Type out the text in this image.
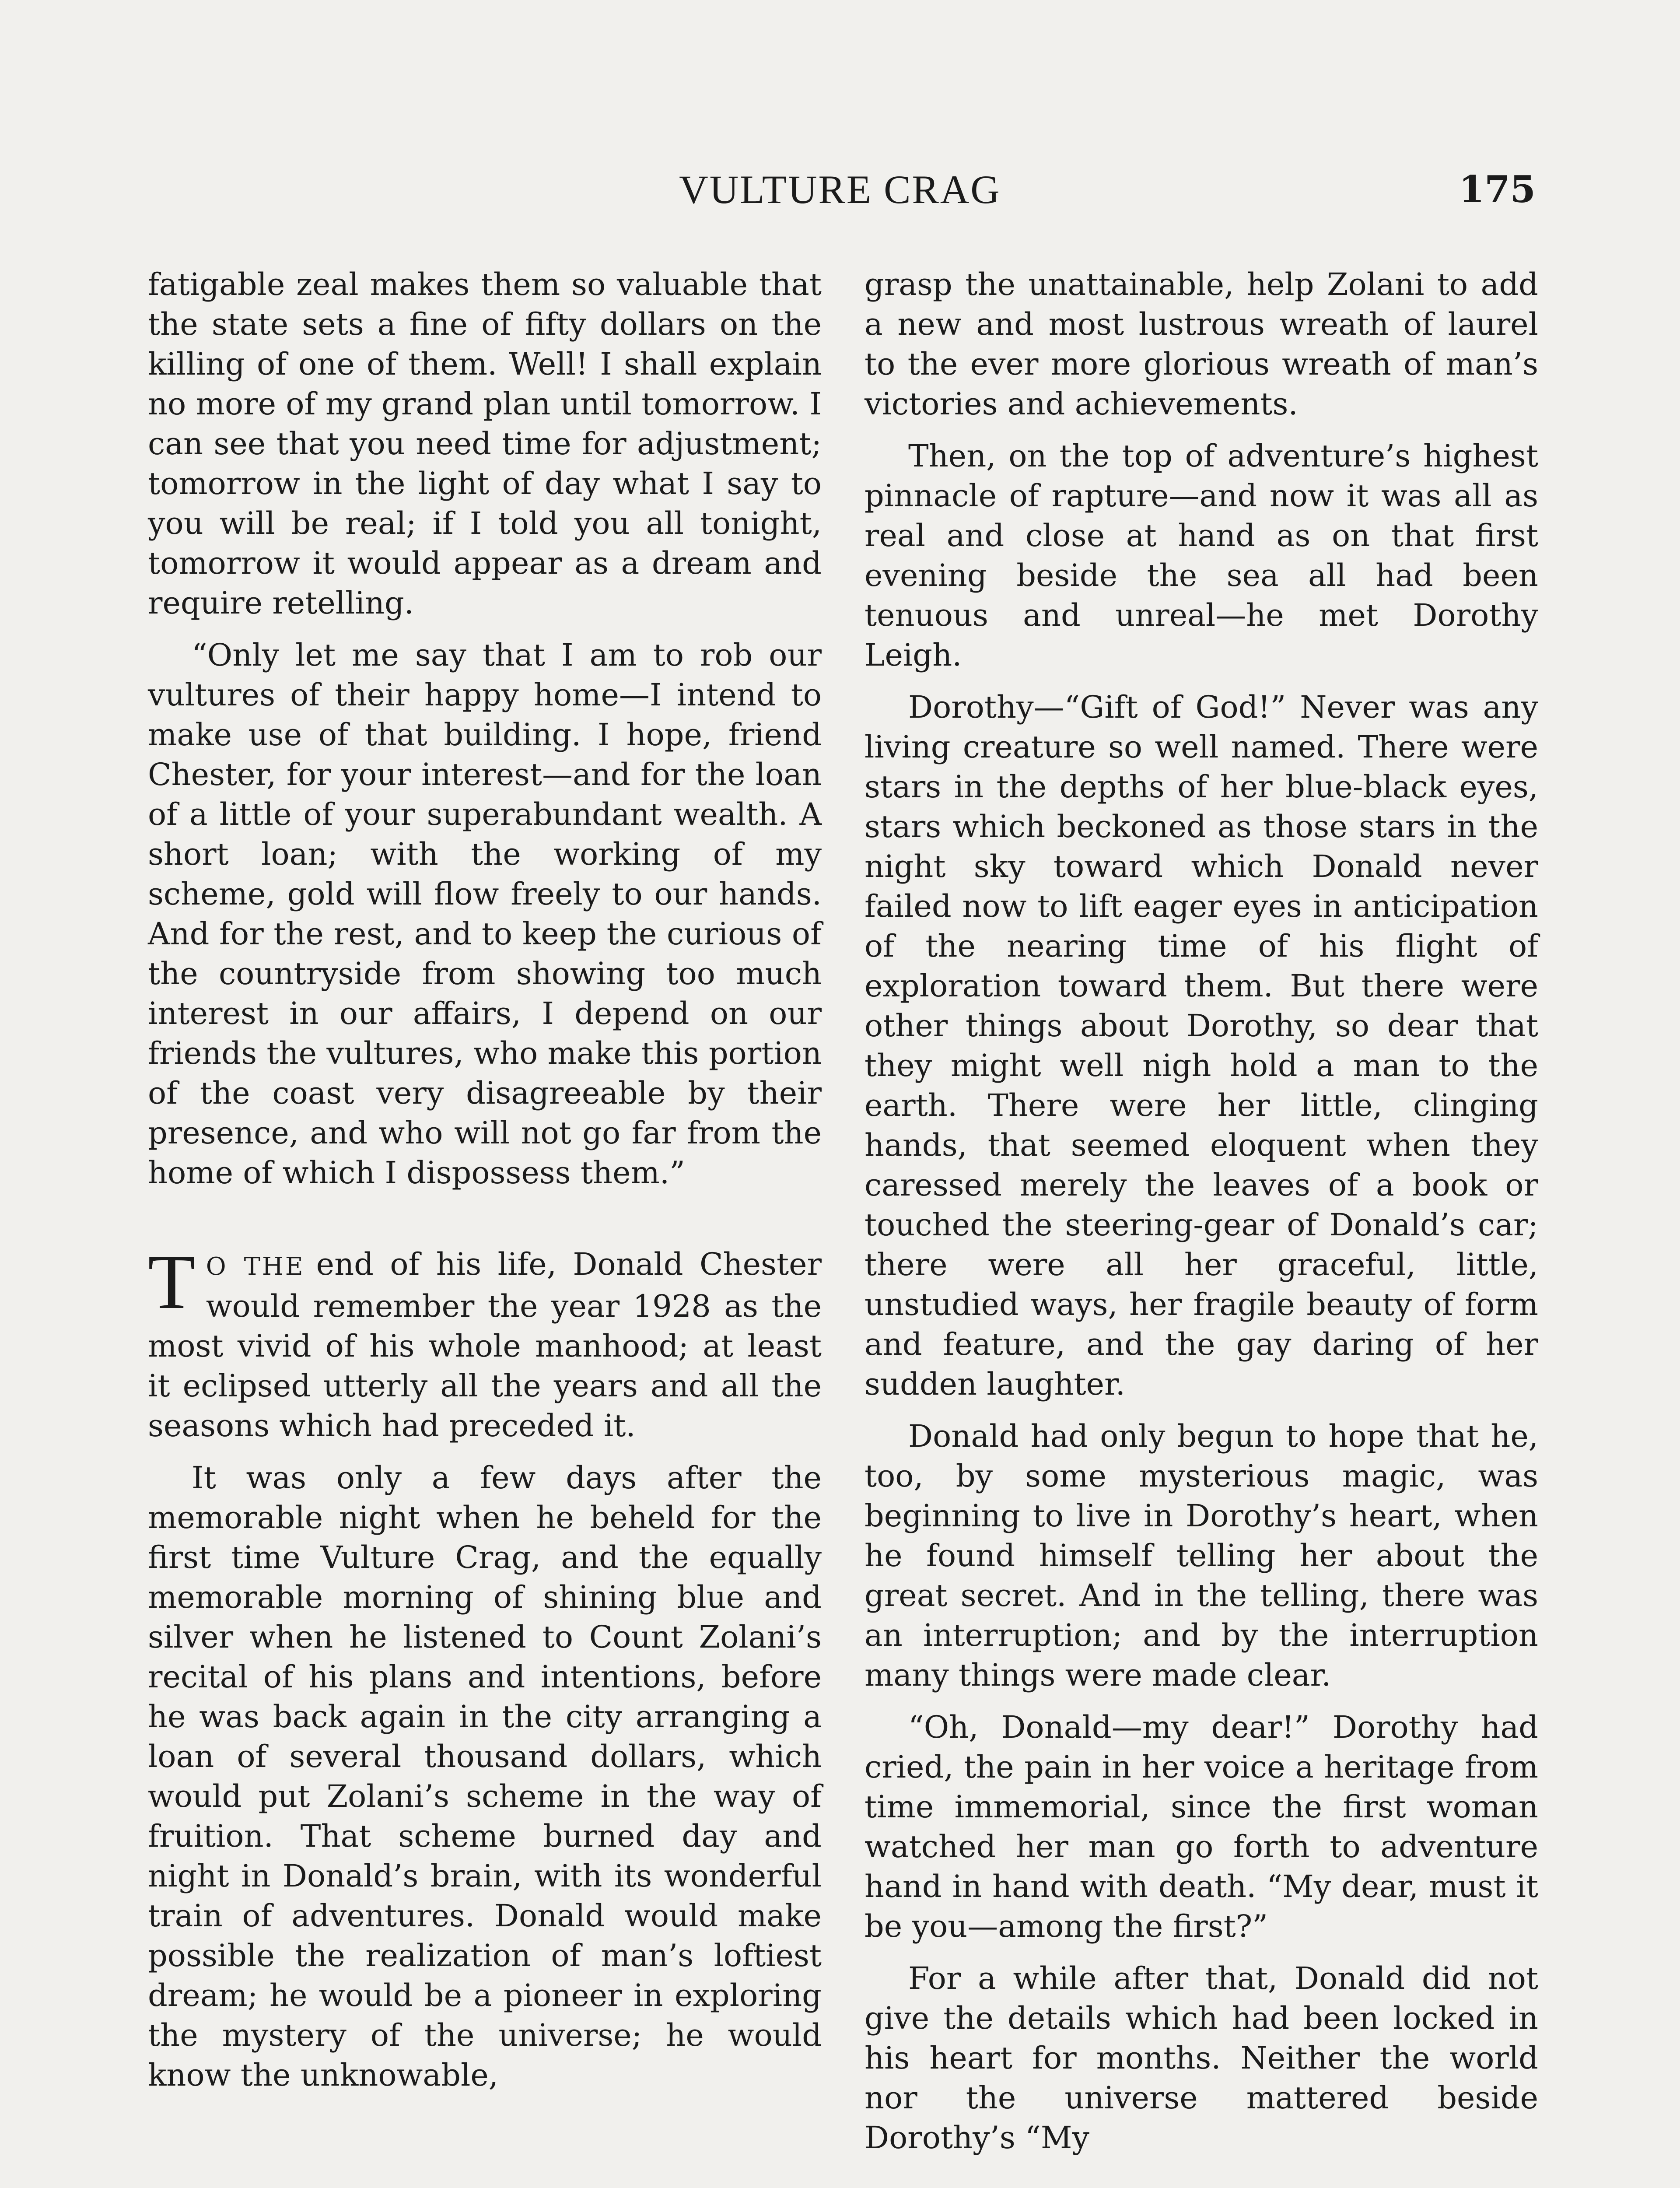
VULTURE CRAG	175

fatigable zeal makes them so valuable that the state sets a fine of fifty dollars on the killing of one of them. Well! I shall explain no more of my grand plan until tomorrow. I can see that you need time for adjustment; tomorrow in the light of day what I say to you will be real; if I told you all tonight, tomorrow it would appear as a dream and require retelling.

“Only let me say that I am to rob our vultures of their happy home—I intend to make use of that building. I hope, friend Chester, for your interest—and for the loan of a little of your superabundant wealth. A short loan; with the working of my scheme, gold will flow freely to our hands. And for the rest, and to keep the curious of the countryside from showing too much interest in our affairs, I depend on our friends the vultures, who make this portion of the coast very disagreeable by their presence, and who will not go far from the home of which I dispossess them.”

T O THE end of his life, Donald Chester would remember the year 1928 as the most vivid of his whole manhood; at least it eclipsed utterly all the years and all the seasons which had preceded it.

It was only a few days after the memorable night when he beheld for the first time Vulture Crag, and the equally memorable morning of shining blue and silver when he listened to Count Zolani’s recital of his plans and intentions, before he was back again in the city arranging a loan of several thousand dollars, which would put Zolani’s scheme in the way of fruition. That scheme burned day and night in Donald’s brain, with its wonderful train of adventures. Donald would make possible the realization of man’s loftiest dream; he would be a pioneer in exploring the mystery of the universe; he would know the unknowable,

grasp the unattainable, help Zolani to add a new and most lustrous wreath of laurel to the ever more glorious wreath of man’s victories and achievements.

Then, on the top of adventure’s highest pinnacle of rapture—and now it was all as real and close at hand as on that first evening beside the sea all had been tenuous and unreal—he met Dorothy Leigh.

Dorothy—“Gift of God!” Never was any living creature so well named. There were stars in the depths of her blue-black eyes, stars which beckoned as those stars in the night sky toward which Donald never failed now to lift eager eyes in anticipation of the nearing time of his flight of exploration toward them. But there were other things about Dorothy, so dear that they might well nigh hold a man to the earth. There were her little, clinging hands, that seemed eloquent when they caressed merely the leaves of a book or touched the steering-gear of Donald’s car; there were all her graceful, little, unstudied ways, her fragile beauty of form and feature, and the gay daring of her sudden laughter.

Donald had only begun to hope that he, too, by some mysterious magic, was beginning to live in Dorothy’s heart, when he found himself telling her about the great secret. And in the telling, there was an interruption; and by the interruption many things were made clear.

“Oh, Donald—my dear!” Dorothy had cried, the pain in her voice a heritage from time immemorial, since the first woman watched her man go forth to adventure hand in hand with death. “My dear, must it be you—among the first?”

For a while after that, Donald did not give the details which had been locked in his heart for months. Neither the world nor the universe mattered beside Dorothy’s “My
